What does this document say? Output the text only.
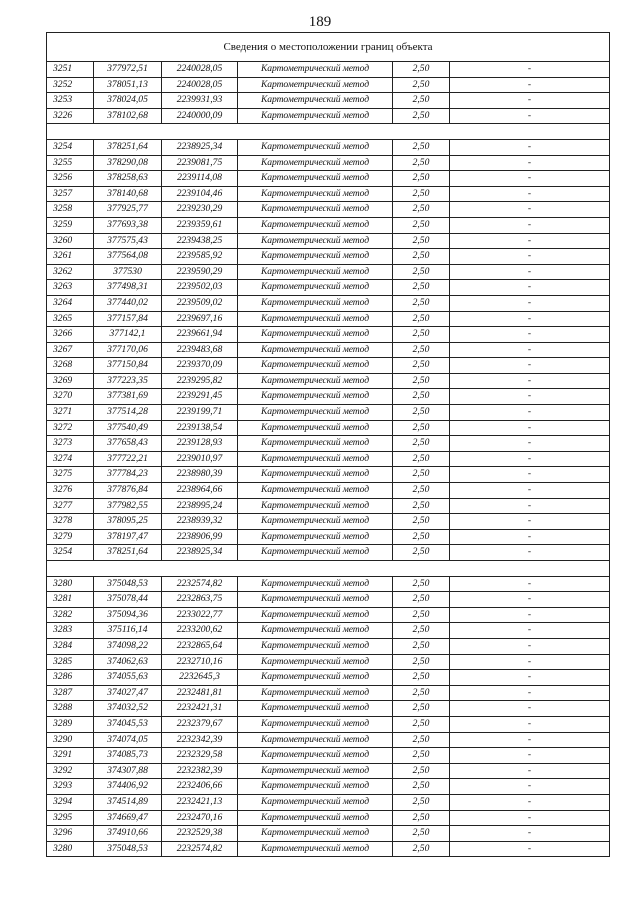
189
Сведения о местоположении границ объекта					
3251	377972,51	2240028,05	Картометрический метод	2,50	-
3252	378051,13	2240028,05	Картометрический метод	2,50	-
3253	378024,05	2239931,93	Картометрический метод	2,50	-
3226	378102,68	2240000,09	Картометрический метод	2,50	-

3254	378251,64	2238925,34	Картометрический метод	2,50	-
3255	378290,08	2239081,75	Картометрический метод	2,50	-
3256	378258,63	2239114,08	Картометрический метод	2,50	-
3257	378140,68	2239104,46	Картометрический метод	2,50	-
3258	377925,77	2239230,29	Картометрический метод	2,50	-
3259	377693,38	2239359,61	Картометрический метод	2,50	-
3260	377575,43	2239438,25	Картометрический метод	2,50	-
3261	377564,08	2239585,92	Картометрический метод	2,50	-
3262	377530	2239590,29	Картометрический метод	2,50	-
3263	377498,31	2239502,03	Картометрический метод	2,50	-
3264	377440,02	2239509,02	Картометрический метод	2,50	-
3265	377157,84	2239697,16	Картометрический метод	2,50	-
3266	377142,1	2239661,94	Картометрический метод	2,50	-
3267	377170,06	2239483,68	Картометрический метод	2,50	-
3268	377150,84	2239370,09	Картометрический метод	2,50	-
3269	377223,35	2239295,82	Картометрический метод	2,50	-
3270	377381,69	2239291,45	Картометрический метод	2,50	-
3271	377514,28	2239199,71	Картометрический метод	2,50	-
3272	377540,49	2239138,54	Картометрический метод	2,50	-
3273	377658,43	2239128,93	Картометрический метод	2,50	-
3274	377722,21	2239010,97	Картометрический метод	2,50	-
3275	377784,23	2238980,39	Картометрический метод	2,50	-
3276	377876,84	2238964,66	Картометрический метод	2,50	-
3277	377982,55	2238995,24	Картометрический метод	2,50	-
3278	378095,25	2238939,32	Картометрический метод	2,50	-
3279	378197,47	2238906,99	Картометрический метод	2,50	-
3254	378251,64	2238925,34	Картометрический метод	2,50	-

3280	375048,53	2232574,82	Картометрический метод	2,50	-
3281	375078,44	2232863,75	Картометрический метод	2,50	-
3282	375094,36	2233022,77	Картометрический метод	2,50	-
3283	375116,14	2233200,62	Картометрический метод	2,50	-
3284	374098,22	2232865,64	Картометрический метод	2,50	-
3285	374062,63	2232710,16	Картометрический метод	2,50	-
3286	374055,63	2232645,3	Картометрический метод	2,50	-
3287	374027,47	2232481,81	Картометрический метод	2,50	-
3288	374032,52	2232421,31	Картометрический метод	2,50	-
3289	374045,53	2232379,67	Картометрический метод	2,50	-
3290	374074,05	2232342,39	Картометрический метод	2,50	-
3291	374085,73	2232329,58	Картометрический метод	2,50	-
3292	374307,88	2232382,39	Картометрический метод	2,50	-
3293	374406,92	2232406,66	Картометрический метод	2,50	-
3294	374514,89	2232421,13	Картометрический метод	2,50	-
3295	374669,47	2232470,16	Картометрический метод	2,50	-
3296	374910,66	2232529,38	Картометрический метод	2,50	-
3280	375048,53	2232574,82	Картометрический метод	2,50	-
